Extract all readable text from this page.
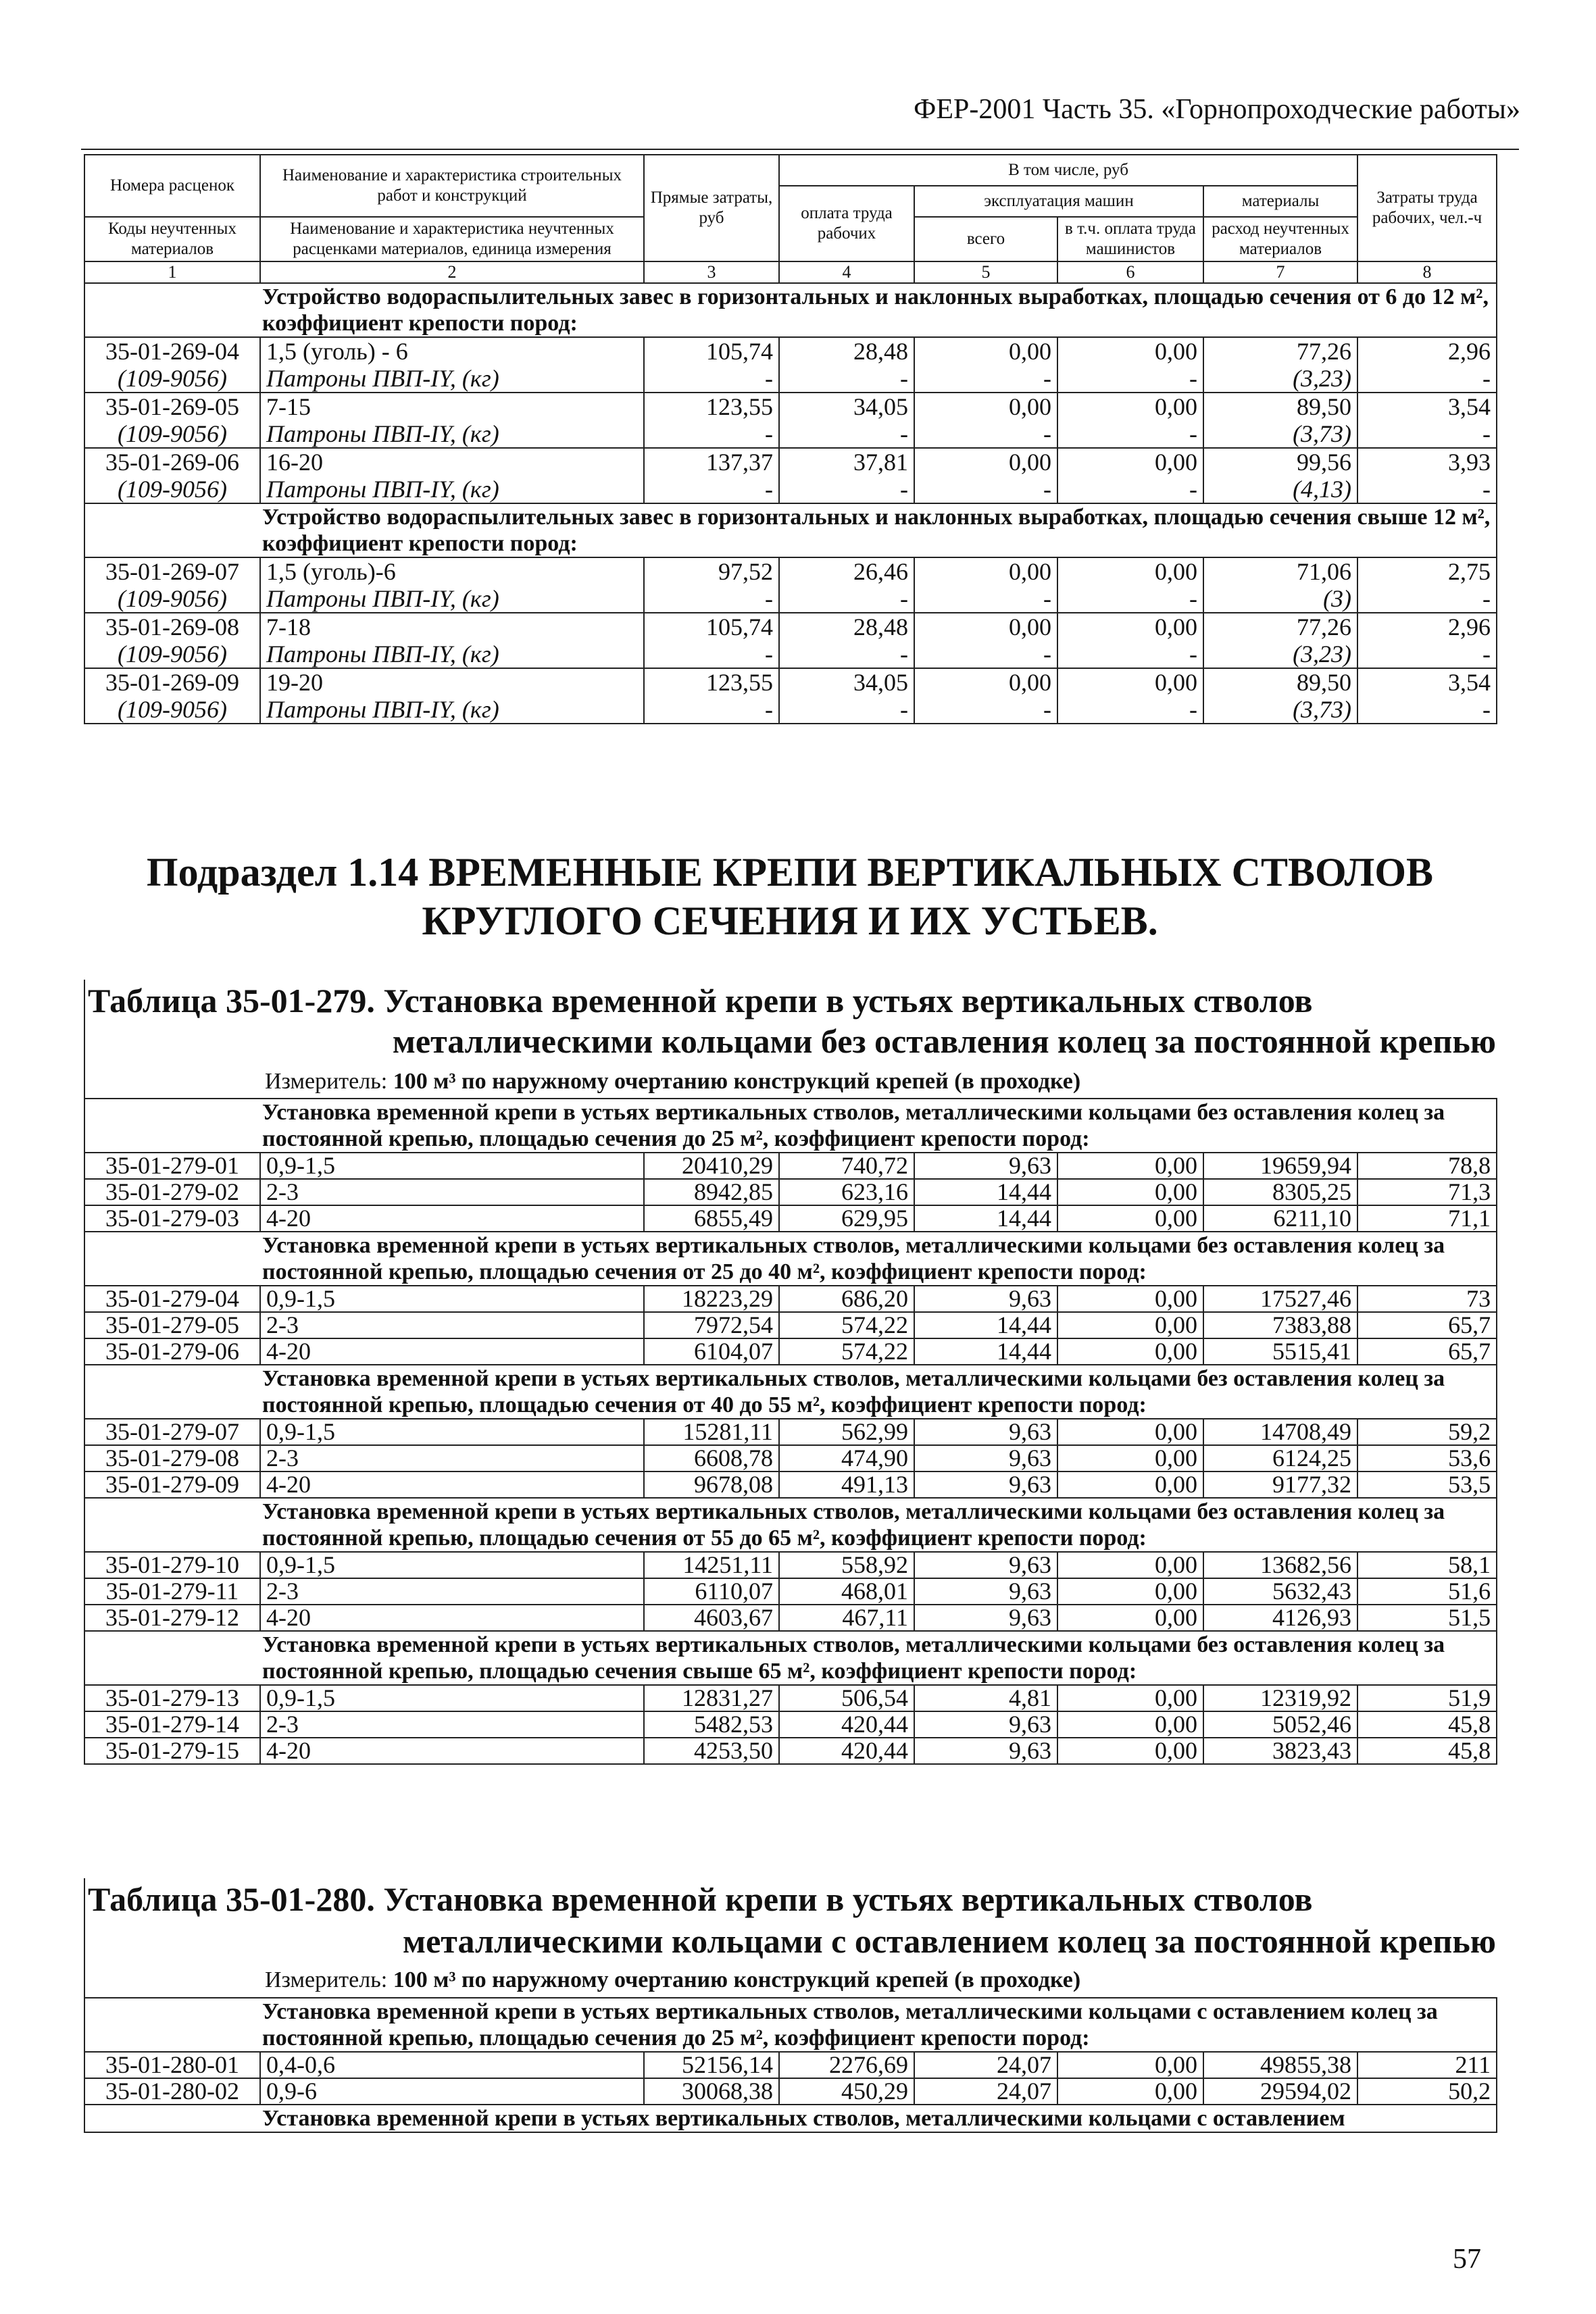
ФЕР-2001 Часть 35. «Горнопроходческие работы»
Номера расценок	Наименование и характеристика строительных работ и конструкций	Прямые затраты, руб	В том числе, руб				Затраты труда рабочих, чел.-ч
			оплата труда рабочих	эксплуатация машин		материалы	
Коды неучтенных материалов	Наименование и характеристика неучтенных расценками материалов, единица измерения			всего	в т.ч. оплата труда машинистов	расход неучтенных материалов	

1	2	3	4	5	6	7	8
Устройство водораспылительных завес в горизонтальных и наклонных выработках, площадью сечения от 6 до 12 м², коэффициент крепости пород:							
35-01-269-04	1,5 (уголь) - 6	105,74	28,48	0,00	0,00	77,26	2,96
(109-9056)	Патроны ПВП-IY, (кг)	-	-	-	-	(3,23)	-
35-01-269-05	7-15	123,55	34,05	0,00	0,00	89,50	3,54
(109-9056)	Патроны ПВП-IY, (кг)	-	-	-	-	(3,73)	-
35-01-269-06	16-20	137,37	37,81	0,00	0,00	99,56	3,93
(109-9056)	Патроны ПВП-IY, (кг)	-	-	-	-	(4,13)	-
Устройство водораспылительных завес в горизонтальных и наклонных выработках, площадью сечения свыше 12 м², коэффициент крепости пород:							
35-01-269-07	1,5 (уголь)-6	97,52	26,46	0,00	0,00	71,06	2,75
(109-9056)	Патроны ПВП-IY, (кг)	-	-	-	-	(3)	-
35-01-269-08	7-18	105,74	28,48	0,00	0,00	77,26	2,96
(109-9056)	Патроны ПВП-IY, (кг)	-	-	-	-	(3,23)	-
35-01-269-09	19-20	123,55	34,05	0,00	0,00	89,50	3,54
(109-9056)	Патроны ПВП-IY, (кг)	-	-	-	-	(3,73)	-
Подраздел 1.14 ВРЕМЕННЫЕ КРЕПИ ВЕРТИКАЛЬНЫХ СТВОЛОВ КРУГЛОГО СЕЧЕНИЯ И ИХ УСТЬЕВ.
Таблица 35-01-279. Установка временной крепи в устьях вертикальных стволов
металлическими кольцами без оставления колец за постоянной крепью
Измеритель: 100 м³ по наружному очертанию конструкций крепей (в проходке)
Установка временной крепи в устьях вертикальных стволов, металлическими кольцами без оставления колец за постоянной крепью, площадью сечения до 25 м², коэффициент крепости пород:							
35-01-279-01	0,9-1,5	20410,29	740,72	9,63	0,00	19659,94	78,8
35-01-279-02	2-3	8942,85	623,16	14,44	0,00	8305,25	71,3
35-01-279-03	4-20	6855,49	629,95	14,44	0,00	6211,10	71,1
Установка временной крепи в устьях вертикальных стволов, металлическими кольцами без оставления колец за постоянной крепью, площадью сечения от 25 до 40 м², коэффициент крепости пород:							
35-01-279-04	0,9-1,5	18223,29	686,20	9,63	0,00	17527,46	73
35-01-279-05	2-3	7972,54	574,22	14,44	0,00	7383,88	65,7
35-01-279-06	4-20	6104,07	574,22	14,44	0,00	5515,41	65,7
Установка временной крепи в устьях вертикальных стволов, металлическими кольцами без оставления колец за постоянной крепью, площадью сечения от 40 до 55 м², коэффициент крепости пород:							
35-01-279-07	0,9-1,5	15281,11	562,99	9,63	0,00	14708,49	59,2
35-01-279-08	2-3	6608,78	474,90	9,63	0,00	6124,25	53,6
35-01-279-09	4-20	9678,08	491,13	9,63	0,00	9177,32	53,5
Установка временной крепи в устьях вертикальных стволов, металлическими кольцами без оставления колец за постоянной крепью, площадью сечения от 55 до 65 м², коэффициент крепости пород:							
35-01-279-10	0,9-1,5	14251,11	558,92	9,63	0,00	13682,56	58,1
35-01-279-11	2-3	6110,07	468,01	9,63	0,00	5632,43	51,6
35-01-279-12	4-20	4603,67	467,11	9,63	0,00	4126,93	51,5
Установка временной крепи в устьях вертикальных стволов, металлическими кольцами без оставления колец за постоянной крепью, площадью сечения свыше 65 м², коэффициент крепости пород:							
35-01-279-13	0,9-1,5	12831,27	506,54	4,81	0,00	12319,92	51,9
35-01-279-14	2-3	5482,53	420,44	9,63	0,00	5052,46	45,8
35-01-279-15	4-20	4253,50	420,44	9,63	0,00	3823,43	45,8
Таблица 35-01-280. Установка временной крепи в устьях вертикальных стволов
металлическими кольцами с оставлением колец за постоянной крепью
Измеритель: 100 м³ по наружному очертанию конструкций крепей (в проходке)
Установка временной крепи в устьях вертикальных стволов, металлическими кольцами с оставлением колец за постоянной крепью, площадью сечения до 25 м², коэффициент крепости пород:							
35-01-280-01	0,4-0,6	52156,14	2276,69	24,07	0,00	49855,38	211
35-01-280-02	0,9-6	30068,38	450,29	24,07	0,00	29594,02	50,2
Установка временной крепи в устьях вертикальных стволов, металлическими кольцами с оставлением							
57
